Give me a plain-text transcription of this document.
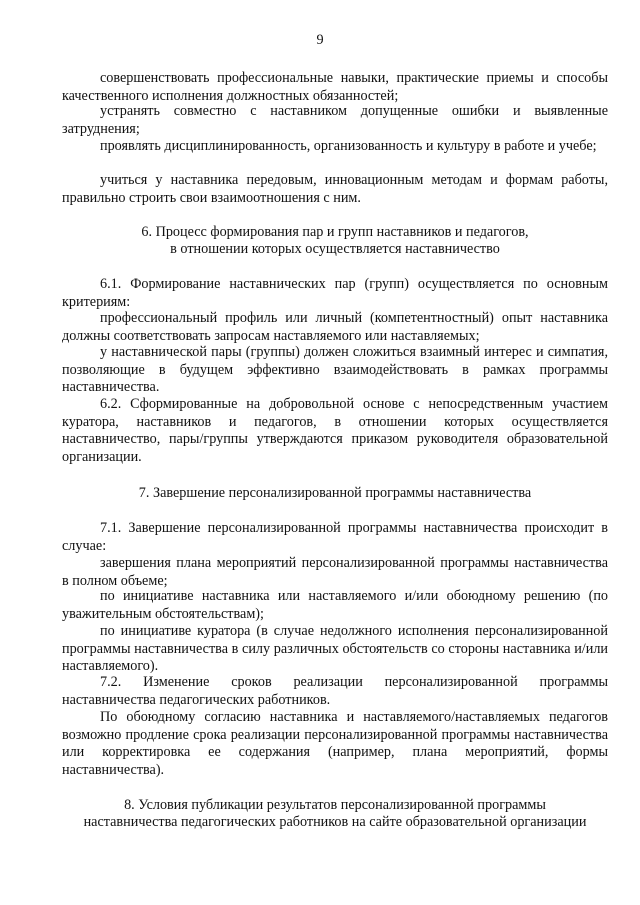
9

совершенствовать профессиональные навыки, практические приемы и способы качественного исполнения должностных обязанностей;

устранять совместно с наставником допущенные ошибки и выявленные затруднения;

проявлять дисциплинированность, организованность и культуру в работе и учебе;

учиться у наставника передовым, инновационным методам и формам работы, правильно строить свои взаимоотношения с ним.

6. Процесс формирования пар и групп наставников и педагогов,
в отношении которых осуществляется наставничество

6.1. Формирование наставнических пар (групп) осуществляется по основным критериям:

профессиональный профиль или личный (компетентностный) опыт наставника должны соответствовать запросам наставляемого или наставляемых;

у наставнической пары (группы) должен сложиться взаимный интерес и симпатия, позволяющие в будущем эффективно взаимодействовать в рамках программы наставничества.

6.2. Сформированные на добровольной основе с непосредственным участием куратора, наставников и педагогов, в отношении которых осуществляется наставничество, пары/группы утверждаются приказом руководителя образовательной организации.

7. Завершение персонализированной программы наставничества

7.1. Завершение персонализированной программы наставничества происходит в случае:

завершения плана мероприятий персонализированной программы наставничества в полном объеме;

по инициативе наставника или наставляемого и/или обоюдному решению (по уважительным обстоятельствам);

по инициативе куратора (в случае недолжного исполнения персонализированной программы наставничества в силу различных обстоятельств со стороны наставника и/или наставляемого).

7.2. Изменение сроков реализации персонализированной программы наставничества педагогических работников.

По обоюдному согласию наставника и наставляемого/наставляемых педагогов возможно продление срока реализации персонализированной программы наставничества или корректировка ее содержания (например, плана мероприятий, формы наставничества).

8. Условия публикации результатов персонализированной программы
наставничества педагогических работников на сайте образовательной организации
